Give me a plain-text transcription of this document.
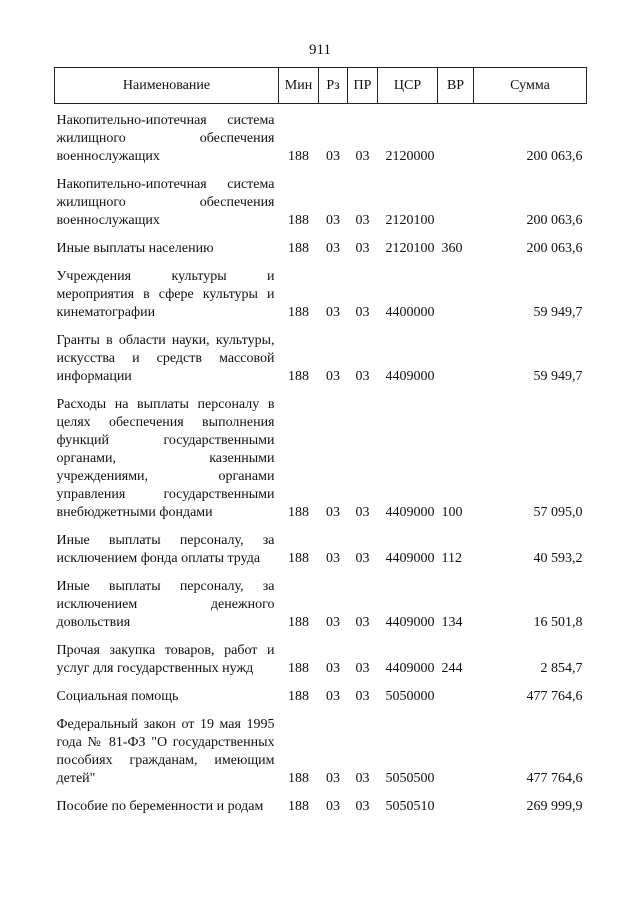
911
Наименование	Мин	Рз	ПР	ЦСР	ВР	Сумма
Накопительно-ипотечная система жилищного обеспечения военнослужащих	188	03	03	2120000		200 063,6
Накопительно-ипотечная система жилищного обеспечения военнослужащих	188	03	03	2120100		200 063,6
Иные выплаты населению	188	03	03	2120100	360	200 063,6
Учреждения культуры и мероприятия в сфере культуры и кинематографии	188	03	03	4400000		59 949,7
Гранты в области науки, культуры, искусства и средств массовой информации	188	03	03	4409000		59 949,7
Расходы на выплаты персоналу в целях обеспечения выполнения функций государственными органами, казенными учреждениями, органами управления государственными внебюджетными фондами	188	03	03	4409000	100	57 095,0
Иные выплаты персоналу, за исключением фонда оплаты труда	188	03	03	4409000	112	40 593,2
Иные выплаты персоналу, за исключением денежного довольствия	188	03	03	4409000	134	16 501,8
Прочая закупка товаров, работ и услуг для государственных нужд	188	03	03	4409000	244	2 854,7
Социальная помощь	188	03	03	5050000		477 764,6
Федеральный закон от 19 мая 1995 года № 81-ФЗ "О государственных пособиях гражданам, имеющим детей"	188	03	03	5050500		477 764,6
Пособие по беременности и родам	188	03	03	5050510		269 999,9
